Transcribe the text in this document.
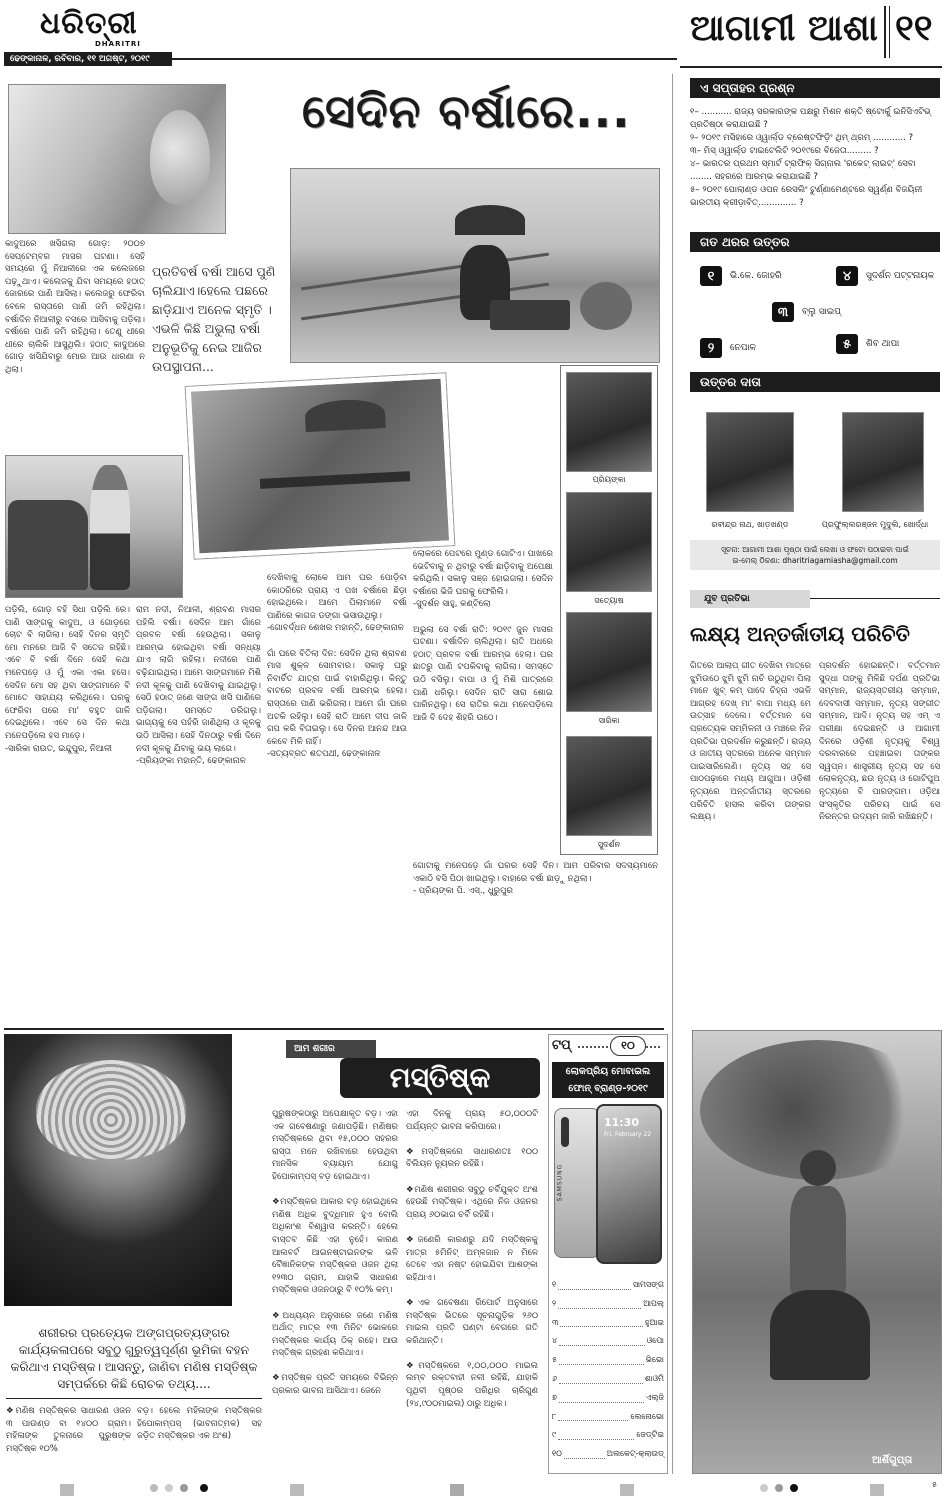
ଧରିତ୍ରୀ
DHARITRI
ଢେଙ୍କାନାଳ, ରବିବାର, ୧୧ ଅଗଷ୍ଟ, ୨୦୧୯
ଆଗାମୀ ଆଶା ୧୧
ସେଦିନ ବର୍ଷାରେ...
କାଦୁଅରେ ଖସିଗଲା ଗୋଡ଼: ୨୦୦୭ ସେପ୍ଟେମ୍ବର ମାସର ଘଟଣା। ସେହି ସମୟରେ ମୁଁ ନିଆଳୀରେ ଏକ କଲେଜରେ ପଢ଼ୁଥାଏ। କଲେଜକୁ ଯିବା ସମୟରେ ହଠାତ୍ ଜୋରରେ ପାଣି ଆସିଲା। କଲେଜରୁ ଫେରିବା ବେଳେ ରାସ୍ତାରେ ପାଣି ଜମି ରହିଥିଲା। ବର୍ଷାଦିନ ନିଆଳୀରୁ ବସରେ ଆସିବାକୁ ପଡ଼ିଲା। ବର୍ଷାରେ ପାଣି ଜମି ରହିଥିଲା। ତେଣୁ ଧୀରେ ଧୀରେ ଚାଲିକି ଆସୁଥିଲି। ହଠାତ୍ କାଦୁଅରେ ଗୋଡ଼ ଖସିଯିବାରୁ ମୋର ଆଉ ଧାରଣା ନ ଥିଲା।
ପ୍ରତିବର୍ଷ ବର୍ଷା ଆସେ ପୁଣି ଚାଲିଯାଏ।ହେଲେ ପଛରେ ଛାଡ଼ିଯାଏ ଅନେକ ସ୍ମୃତି । ଏଭଳି କିଛି ଅଭୁଲା ବର୍ଷା ଅନୁଭୂତିକୁ ନେଇ ଆଜିର ଉପସ୍ଥାପନା...
ପ୍ରିୟଙ୍କା
ସତ୍ୟୋଷ
ସାରିକା
ସୁଦର୍ଶନ
ପଡ଼ିଲି, ଗୋଡ଼ ବହି ସିଧା ପଡ଼ିଲି ରେ। ପାଣି ସାଙ୍ଗକୁ କାଦୁଅ, ଓ ଗୋଡ଼ରେ ଚୋଟ ବି ଲାଗିଲା। ସେହି ଦିନର ସ୍ମୃତି ମୋ ମନରେ ଆଜି ବି ସତେଜ ରହିଛି। ଏବେ ବି ବର୍ଷା ଦିନେ ସେହି କଥା ମନେପଡ଼େ ଓ ମୁଁ ଏକା ଏକା ହସେ। ସେଦିନ ମୋ ସହ ଥିବା ସାଙ୍ଗମାନେ ବି ମୋତେ ସାହାଯ୍ୟ କରିଥିଲେ। ଘରକୁ ଫେରିବା ପରେ ମା' ବହୁତ ଗାଳି ଦେଇଥିଲେ। ଏବେ ସେ ଦିନ କଥା ମନେପଡ଼ିଲେ ହସ ମାଡ଼େ।
-ସାରିକା ରାଉତ, ଇନ୍ଦୁପୁର, ନିଆଳୀ
ରାମ ନଦୀ, ନିଆଳୀ, ଶ୍ରାବଣ ମାସର ପହିଲି ବର୍ଷା। ସେଦିନ ଆମ ଗାଁରେ ପ୍ରବଳ ବର୍ଷା ହେଉଥିଲା। ସକାଳୁ ଆରମ୍ଭ ହୋଇଥିବା ବର୍ଷା ସନ୍ଧ୍ୟା ଯାଏ ଲାଗି ରହିଲା। ନଦୀରେ ପାଣି ବଢ଼ିଯାଇଥିଲା। ଆମେ ସାଙ୍ଗମାନେ ମିଶି ନଦୀ କୂଳକୁ ପାଣି ଦେଖିବାକୁ ଯାଇଥିଲୁ। ସେଠି ହଠାତ୍ ଜଣେ ସାଙ୍ଗ ଖସି ପାଣିରେ ପଡ଼ିଗଲା। ସମସ୍ତେ ଡରିଗଲୁ। ଭାଗ୍ୟକୁ ସେ ପହଁରି ଜାଣିଥିଲା ଓ କୂଳକୁ ଉଠି ଆସିଲା। ସେହି ଦିନଠାରୁ ବର୍ଷା ଦିନେ ନଦୀ କୂଳକୁ ଯିବାକୁ ଭୟ ଲାଗେ।
-ପ୍ରିୟଙ୍କା ମହାନ୍ତି, ଢେଙ୍କାନାଳ
ଦେଖିବାକୁ ଲୋକେ ଆମ ଘର ପୋଡ଼ିବା କୋଠରିରେ ପ୍ରାୟ ଏ ପଖ ବର୍ଷାରେ ଛିଡ଼ା ହୋଇଥିଲେ। ଆମେ ପିଲାମାନେ ବର୍ଷା ପାଣିରେ କାଗଜ ଡଙ୍ଗା ଭସାଉଥିଲୁ।
-ଗୋବର୍ଦ୍ଧନ ଶେଖର ମହାନ୍ତି, ଢେଙ୍କାନାଳ

ଗାଁ ଘରେ ବିତିଲା ଦିନ: ସେଦିନ ଥିଲା ଶ୍ରାବଣ ମାସ ଶୁକ୍ଳ ସୋମବାର। ସକାଳୁ ଘରୁ ନିବାର୍ଚିତ ଯାତ୍ରା ପାଇଁ ବାହାରିଥିଲୁ। କିନ୍ତୁ ବାଟରେ ପ୍ରବଳ ବର୍ଷା ଆରମ୍ଭ ହେଲା। ରାସ୍ତାରେ ପାଣି ଭରିଗଲା। ଆମେ ଗାଁ ଘରେ ଅଟକି ରହିଲୁ। ସେହି ରାତି ଆମେ ଦୀପ ଜାଳି ଗପ କରି ବିତାଇଲୁ। ସେ ଦିନର ଆନନ୍ଦ ଆଉ କେବେ ମିଳି ନାହିଁ।
-ସତ୍ୟବ୍ରତ ଶତପଥୀ, ଢେଙ୍କାନାଳ
ଲୋକରେ ପେଟରେ ମୁଣ୍ଡ ଗୋଟିଏ। ପାଖରେ ଭେଟିବାକୁ ନ ଥିବାରୁ ବର୍ଷା ଛାଡ଼ିବାକୁ ଅପେକ୍ଷା କରିଥିଲି। ସକାଳୁ ସଞ୍ଜ ହୋଇଗଲା। ସେଦିନ ବର୍ଷାରେ ଭିଜି ଘରକୁ ଫେରିଲି।
-ସୁଦର୍ଶନ ସାହୁ, କଣ୍ଟିଲୋ

ଅଭୁଲା ସେ ବର୍ଷା ରାତି: ୨୦୧୯ ଜୁନ ମାସର ଘଟଣା। ବର୍ଷାଦିନ ଚାଲିଥିଲା। ରାତି ଅଧରେ ହଠାତ୍ ପ୍ରବଳ ବର୍ଷା ଆରମ୍ଭ ହେଲା। ଘର ଛାତରୁ ପାଣି ଟପକିବାକୁ ଲାଗିଲା। ସମସ୍ତେ ଉଠି ବସିଲୁ। ବାପା ଓ ମୁଁ ମିଶି ପାତ୍ରରେ ପାଣି ଧରିଲୁ। ସେଦିନ ରାତି ସାରା ଶୋଇ ପାରିନଥିଲୁ। ସେ ରାତିର କଥା ମନେପଡ଼ିଲେ ଆଜି ବି ଦେହ ଶିହରି ଉଠେ।
ଗୋଟାକୁ ମନେପଡ଼େ ଗାଁ ଘରର ସେହି ଦିନ। ଆମ ପରିବାର ସଦସ୍ୟମାନେ ଏକାଠି ବସି ପିଠା ଖାଇଥିଲୁ। ବାହାରେ ବର୍ଷା ଛାଡ଼ୁ ନଥିଲା।
- ପ୍ରିୟଙ୍କା ପି. ଏସ୍., ଧୁରୁପୁର
ଏ ସପ୍ତାହର ପ୍ରଶ୍ନ
୧– ........... ରାଜ୍ୟ ସରକାରଙ୍କ ପକ୍ଷରୁ ମିଶନ ଶକ୍ତି ଷ୍ଟୋର୍କୁ ଇନିସିଏଟିଭ୍ ପ୍ରତିଷ୍ଠା କରାଯାଇଛି ?
୨– ୨୦୧୯ ମସିହାରେ ଓ୍ୱାର୍ଲ୍ଡ ବ୍ରେଷ୍ଟଫିଡ଼ିଂ ଥିମ୍ ଥ୍ରମ୍ ............ ?
୩– ମିସ୍ ଓ୍ୱାର୍ଲ୍ଡ ଟାଇଟେଲିଟି ୨୦୧୯ରେ ବିଜେତା......... ?
୪– ଭାରତର ପ୍ରଥମ ସ୍ମାର୍ଟ ଟ୍ରାଫିକ୍ ସିଗ୍ନାଲ 'ରକେଟ୍ ଲାଇଟ୍' ସେବା ........ ସହରରେ ଆରମ୍ଭ କରାଯାଇଛି ?
୫– ୨୦୧୯ ପୋଲାଣ୍ଡ ଓପନ ରେସଲିଂ ଟୁର୍ଣ୍ଣାମେଣ୍ଟରେ ସ୍ୱର୍ଣ୍ଣ ବିଜୟିନୀ ଭାରତୀୟ କ୍ରୀଡ଼ାବିତ୍.............. ?
ଗତ ଥରର ଉତ୍ତର
୧	ଭି.କେ. ଜୋହରି	୪	ସୁଦର୍ଶନ ପଟ୍ଟନାୟକ
୩	ବ୍ଲୁ ସାଇପ୍
୨	ନେପାଳ	୫	ଶିବ ଥାପା
ଉତ୍ତର ଦାତା
ରବୀନ୍ଦ୍ର ନାଥ, ଖାଡ଼ଖଣ୍ଡ	ପ୍ରଫୁଲ୍ଲରଞ୍ଜନ ମୁଦୁଲି, ଖୋର୍ଦ୍ଧା
ସୂଚନା: ଆଗାମୀ ଆଶା ପୃଷ୍ଠା ପାଇଁ ଲେଖା ଓ ଫଟୋ ପଠାଇବା ପାଇଁ
ଇ-ମେଲ୍ ଠିକଣା: dharitriagamiasha@gmail.com
ଯୁବ ପ୍ରତିଭା
ଲକ୍ଷ୍ୟ ଅନ୍ତର୍ଜାତୀୟ ପରିଚିତି
ଗିତରେ ଆଲାପ୍ ଗୀତ ଦେଖିବା ମାତ୍ରେ ଝୁମିଉଠେ ଝୁମି ଝୁମି ନାଚି ଉଠୁଥିବା ପିଲା ମାନେ ଖୁବ୍ କମ୍ ପାଦେ ଚିହ୍ନା ଏଭଳି ଆଗ୍ରହ ଦେଖ୍ ମା' ବାପା ମଧ୍ୟ ମେ ଉତ୍ସାହ ଦେଲେ। ବର୍ତ୍ତମାନ ସେ ପ୍ରତ୍ୟେକ ସମ୍ମିଳନୀ ଓ ମଞ୍ଚରେ ନିଜ ପ୍ରତିଭା ପ୍ରଦର୍ଶନ କରୁଛନ୍ତି। ରାଜ୍ୟ ଓ ଜାତୀୟ ସ୍ତରରେ ଅନେକ ସମ୍ମାନ ପାଇସାରିଲେଣି। ନୃତ୍ୟ ସହ ସେ ପାଠପଢ଼ାରେ ମଧ୍ୟ ଆଗୁଆ। ଓଡ଼ିଶୀ ନୃତ୍ୟରେ ଅନ୍ତର୍ଜାତୀୟ ସ୍ତରରେ ପରିଚିତି ହାସଲ କରିବା ତାଙ୍କର ଲକ୍ଷ୍ୟ।

ପ୍ରଦର୍ଶନ ହୋଇଛନ୍ତି। ବର୍ତ୍ତମାନ ସୁଦ୍ଧା ତାଙ୍କୁ ମିଳିଛି ଦର୍ପଣ ପ୍ରତିଭା ସମ୍ମାନ, ରାଜ୍ୟସ୍ତରୀୟ ସମ୍ମାନ, ଦେବଦାସୀ ସମ୍ମାନ, ନୃତ୍ୟ ସଙ୍ଗୀତ ସମ୍ମାନ, ଆଦି। ନୃତ୍ୟ ସହ ଏମ୍ ଏ ପରୀକ୍ଷା ଦେଇଛନ୍ତି ଓ ଆଗାମୀ ଦିନରେ ଓଡ଼ିଶୀ ନୃତ୍ୟକୁ ବିଶ୍ୱ ଦରବାରରେ ପହଞ୍ଚାଇବା ତାଙ୍କର ସ୍ୱପ୍ନ। ଶାସ୍ତ୍ରୀୟ ନୃତ୍ୟ ସହ ସେ ଲୋକନୃତ୍ୟ, ଛଉ ନୃତ୍ୟ ଓ ଗୋଟିପୁଅ ନୃତ୍ୟରେ ବି ପାରଙ୍ଗମ। ଓଡ଼ିଆ ସଂସ୍କୃତିର ପରିଚୟ ପାଇଁ ସେ ନିରନ୍ତର ଉଦ୍ୟମ ଜାରି ରଖିଛନ୍ତି।
ଆର୍ଶିଗୁପ୍ତା
ଆମ ଶରୀର
ମସ୍ତିଷ୍କ
ଶରୀରର ପ୍ରତ୍ୟେକ ଅଙ୍ଗପ୍ରତ୍ୟଙ୍ଗର କାର୍ଯ୍ୟକଳାପରେ ସବୁଠୁ ଗୁରୁତ୍ୱପୂର୍ଣ୍ଣ ଭୂମିକା ବହନ କରିଥାଏ ମସ୍ତିଷ୍କ। ଆସନ୍ତୁ, ଜାଣିବା ମଣିଷ ମସ୍ତିଷ୍କ ସମ୍ପର୍କରେ କିଛି ରୋଚକ ତଥ୍ୟ....
❖ମଣିଷ ମସ୍ତିଷ୍କର ସାଧାରଣ ଓଜନ ୩ ପାଉଣ୍ଡ ବା ୧୪୦୦ ଗ୍ରାମ। ମହିଳାଙ୍କ ତୁଳନାରେ ପୁରୁଷଙ୍କ ମସ୍ତିଷ୍କ ୧୦%
ବଡ଼। ହେଲେ ମହିଳାଙ୍କ ମସ୍ତିଷ୍କର ହିପୋକାମ୍ପସ୍ (ଭାବନାତ୍ମକ) ସହ ଜଡ଼ିତ ମସ୍ତିଷ୍କର ଏକ ଅଂଶ)
ପୁରୁଷଙ୍କଠାରୁ ଅପେକ୍ଷାକୃତ ବଡ଼। ଏହା ଏକ ଗବେଷଣାରୁ ଜଣାପଡ଼ିଛି। ମଣିଷର ମସ୍ତିଷ୍କରେ ଥିବା ୧୫,୦୦୦ ସହରର ରାସ୍ତା ମନେ ରଖିବାରେ ହେଉଥିବା ମାନସିକ ବ୍ୟାୟାମ ଯୋଗୁ ହିପୋକାମ୍ପସ୍ ବଡ଼ ହୋଇଥାଏ।

❖ମସ୍ତିଷ୍କର ଆକାର ବଡ଼ ହୋଇଥିଲେ ମଣିଷ ଅଧିକ ବୁଦ୍ଧିମାନ ହୁଏ ବୋଲି ଅଧିକାଂଶ ବିଶ୍ୱାସ କରନ୍ତି। ହେଲେ ବାସ୍ତବ କିଛି ଏହା ନୁହେଁ। କାରଣ ଆଲବର୍ଟ ଆଇନଷ୍ଟାଇନଙ୍କ ଭଳି ବୈଜ୍ଞାନିକଙ୍କ ମସ୍ତିଷ୍କର ଓଜନ ଥିଲା ୧୨୩୦ ଗ୍ରାମ, ଯାହାକି ସାଧାରଣ ମସ୍ତିଷ୍କର ଓଜନଠାରୁ ବି ୧୦% କମ୍।

❖ଅଧ୍ୟୟନ ଅନୁସାରେ ଜଣେ ମଣିଷ ଅର୍ଥାତ୍ ମାତ୍ର ୧୩ ମିନିଟ ଭୋକରେ ମସ୍ତିଷ୍କର କାର୍ଯ୍ୟ ଠିକ୍ ରହେ। ଆଉ ମସ୍ତିଷ୍କ ଗ୍ରହଣ କରିଥାଏ।

❖ମସ୍ତିଷ୍କ ପ୍ରତି ସମୟରେ ବିଭିନ୍ନ ପ୍ରକାର ଭାବନା ଆସିଥାଏ। ଜେନେ
ଏହା ଦିନକୁ ପ୍ରାୟ ୫୦,୦୦୦ଟି ପର୍ଯ୍ୟନ୍ତ ଭାବନା କରିପାରେ।

❖ମସ୍ତିଷ୍କରେ ସାଧାରଣତଃ ୧୦୦ ବିଲିୟନ ନ୍ୟୁରନ ରହିଛି।

❖ମଣିଷ ଶରୀରର ସବୁଠୁ ଚର୍ବିଯୁକ୍ତ ଅଂଶ ହେଉଛି ମସ୍ତିଷ୍କ। ଏଥିରେ ନିଜ ଓଜନର ପ୍ରାୟ ୬୦ଭାଗ ଚର୍ବି ରହିଛି।

❖ଜଣେରି କାରଣରୁ ଯଦି ମସ୍ତିଷ୍କକୁ ମାତ୍ର ୫ମିନିଟ୍ ଅମ୍ଳଜାନ ନ ମିଳେ ତେବେ ଏହା ନଷ୍ଟ ହୋଇଯିବା ଆଶଙ୍କା ରହିଥାଏ।

❖ଏକ ଗବେଷଣା ରିପୋର୍ଟ ଅନୁସାରେ ମସ୍ତିଷ୍କ ଭିତରେ ସୂଚନାଗୁଡ଼ିକ ୨୬୦ ମାଇଲ ପ୍ରତି ଘଣ୍ଟା ବେଗରେ ଗତି କରିଥାନ୍ତି।

❖ମସ୍ତିଷ୍କରେ ୧,୦୦,୦୦୦ ମାଇଲ ଲମ୍ବ ରକ୍ତବାହୀ ନଳୀ ରହିଛି, ଯାହାକି ପୃଥିବୀ ପୃଷ୍ଠର ପରିଧିର ଚାରିଗୁଣ (୨୪,୯୦୦ମାଇଲ) ଠାରୁ ଅଧିକ।
ଟପ୍	୧୦
ଲୋକପ୍ରିୟ ମୋବାଇଲ ଫୋନ୍ ବ୍ରାଣ୍ଡ-୨୦୧୯
SAMSUNG
11:30
Fri, February 22
୧	ସାମସଙ୍ଗ
୨	ଆପଲ୍
୩	ହୁଆଇ
୪	ଓପୋ
୫	ଭିଭୋ
୬	ଶାଓମି
୭	ଏଲ୍ଜି
୮	ଲେନୋଭୋ
୯	ଜେଡ୍ଟିଇ
୧୦	ଅଲକେଟ୍-କ୍ଲାଉଡ୍
୫
